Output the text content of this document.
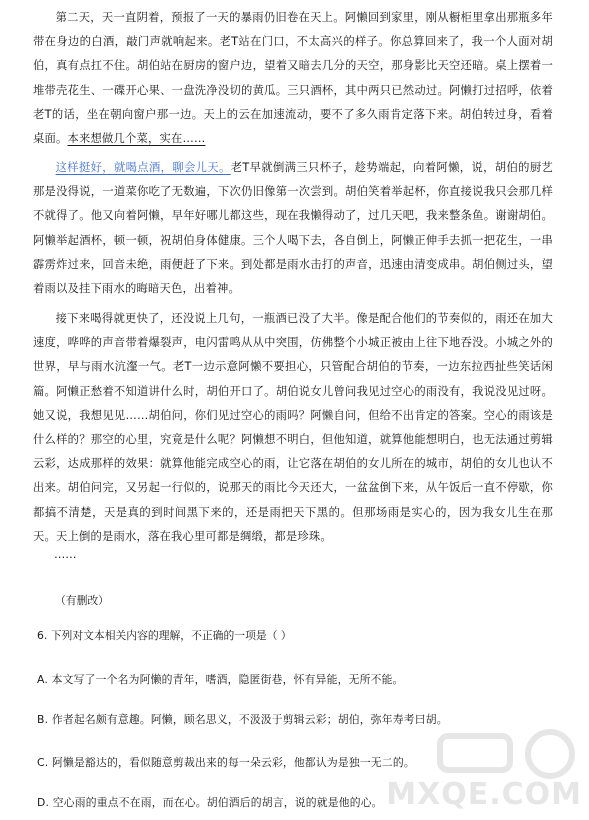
第二天，天一直阴着，预报了一天的暴雨仍旧卷在天上。阿懒回到家里，刚从橱柜里拿出那瓶多年带在身边的白酒，敲门声就响起来。老T站在门口，不太高兴的样子。你总算回来了，我一个人面对胡伯，真有点扛不住。胡伯站在厨房的窗户边，望着又暗去几分的天空，那身影比天空还暗。桌上摆着一堆带壳花生、一碟开心果、一盘洗净没切的黄瓜。三只酒杯，其中两只已然动过。阿懒打过招呼，依着老T的话，坐在朝向窗户那一边。天上的云在加速流动，要不了多久雨肯定落下来。胡伯转过身，看着桌面。本来想做几个菜，实在……

这样挺好，就喝点酒，聊会儿天。老T早就倒满三只杯子，趁势端起，向着阿懒，说，胡伯的厨艺那是没得说，一道菜你吃了无数遍，下次仍旧像第一次尝到。胡伯笑着举起杯，你直接说我只会那几样不就得了。他又向着阿懒，早年好哪儿都这些，现在我懒得动了，过几天吧，我来整条鱼。谢谢胡伯。阿懒举起酒杯，顿一顿，祝胡伯身体健康。三个人喝下去，各自倒上，阿懒正伸手去抓一把花生，一串霹雳炸过来，回音未绝，雨便赶了下来。到处都是雨水击打的声音，迅速由清变成串。胡伯侧过头，望着雨以及挂下雨水的晦暗天色，出着神。

接下来喝得就更快了，还没说上几句，一瓶酒已没了大半。像是配合他们的节奏似的，雨还在加大速度，哗哗的声音带着爆裂声，电闪雷鸣从从中突围，仿佛整个小城正被由上往下地吞没。小城之外的世界，早与雨水沆瀣一气。老T一边示意阿懒不要担心，只管配合胡伯的节奏，一边东拉西扯些笑话闲篇。阿懒正愁着不知道讲什么时，胡伯开口了。胡伯说女儿曾问我见过空心的雨没有，我说没见过呀。她又说，我想见见……胡伯问，你们见过空心的雨吗？阿懒自问，但给不出肯定的答案。空心的雨该是什么样的？那空的心里，究竟是什么呢？阿懒想不明白，但他知道，就算他能想明白，也无法通过剪辑云彩，达成那样的效果：就算他能完成空心的雨，让它落在胡伯的女儿所在的城市，胡伯的女儿也认不出来。胡伯问完，又另起一行似的，说那天的雨比今天还大，一盆盆倒下来，从午饭后一直不停歇，你都搞不清楚，天是真的到时间黑下来的，还是雨把天下黑的。但那场雨是实心的，因为我女儿生在那天。天上倒的是雨水，落在我心里可都是绸缎，都是珍珠。

……
（有删改）
6. 下列对文本相关内容的理解，不正确的一项是（ ）
A. 本文写了一个名为阿懒的青年，嗜酒，隐匿街巷，怀有异能，无所不能。
B. 作者起名颇有意趣。阿懒，顾名思义，不汲汲于剪辑云彩；胡伯，弥年寿考曰胡。
C. 阿懒是豁达的，看似随意剪裁出来的每一朵云彩，他都认为是独一无二的。
D. 空心雨的重点不在雨，而在心。胡伯酒后的胡言，说的就是他的心。 MXQE.COM
